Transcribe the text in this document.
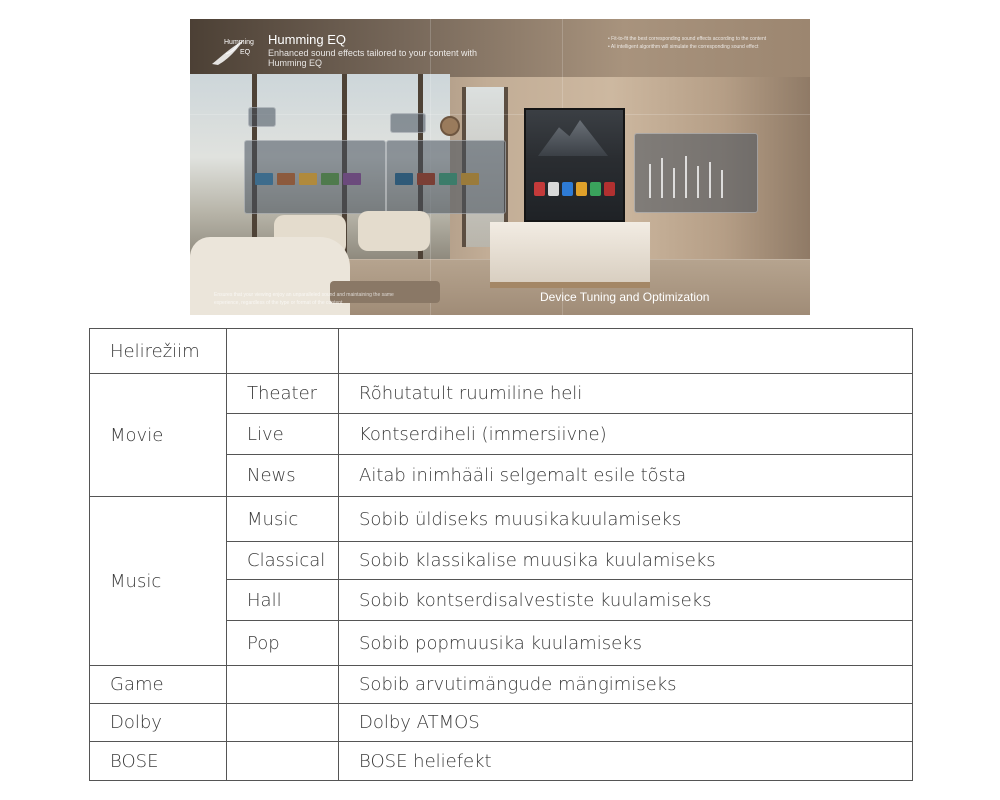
Humming
EQ
Humming EQ
Enhanced sound effects tailored to your content with Humming EQ
• Fit-to-fit the best corresponding sound effects according to the content
• AI intelligent algorithm will simulate the corresponding sound effect
Ensures that your viewing enjoy an unparalleled sound and maintaining the same experience, regardless of the type or format of the content	Device Tuning and Optimization
Helirežiim		
Movie	Theater	Rõhutatult ruumiline heli
	Live	Kontserdiheli (immersiivne)
	News	Aitab inimhääli selgemalt esile tõsta
Music	Music	Sobib üldiseks muusikakuulamiseks
	Classical	Sobib klassikalise muusika kuulamiseks
	Hall	Sobib kontserdisalvestiste kuulamiseks
	Pop	Sobib popmuusika kuulamiseks
Game		Sobib arvutimängude mängimiseks
Dolby		Dolby ATMOS
BOSE		BOSE heliefekt
